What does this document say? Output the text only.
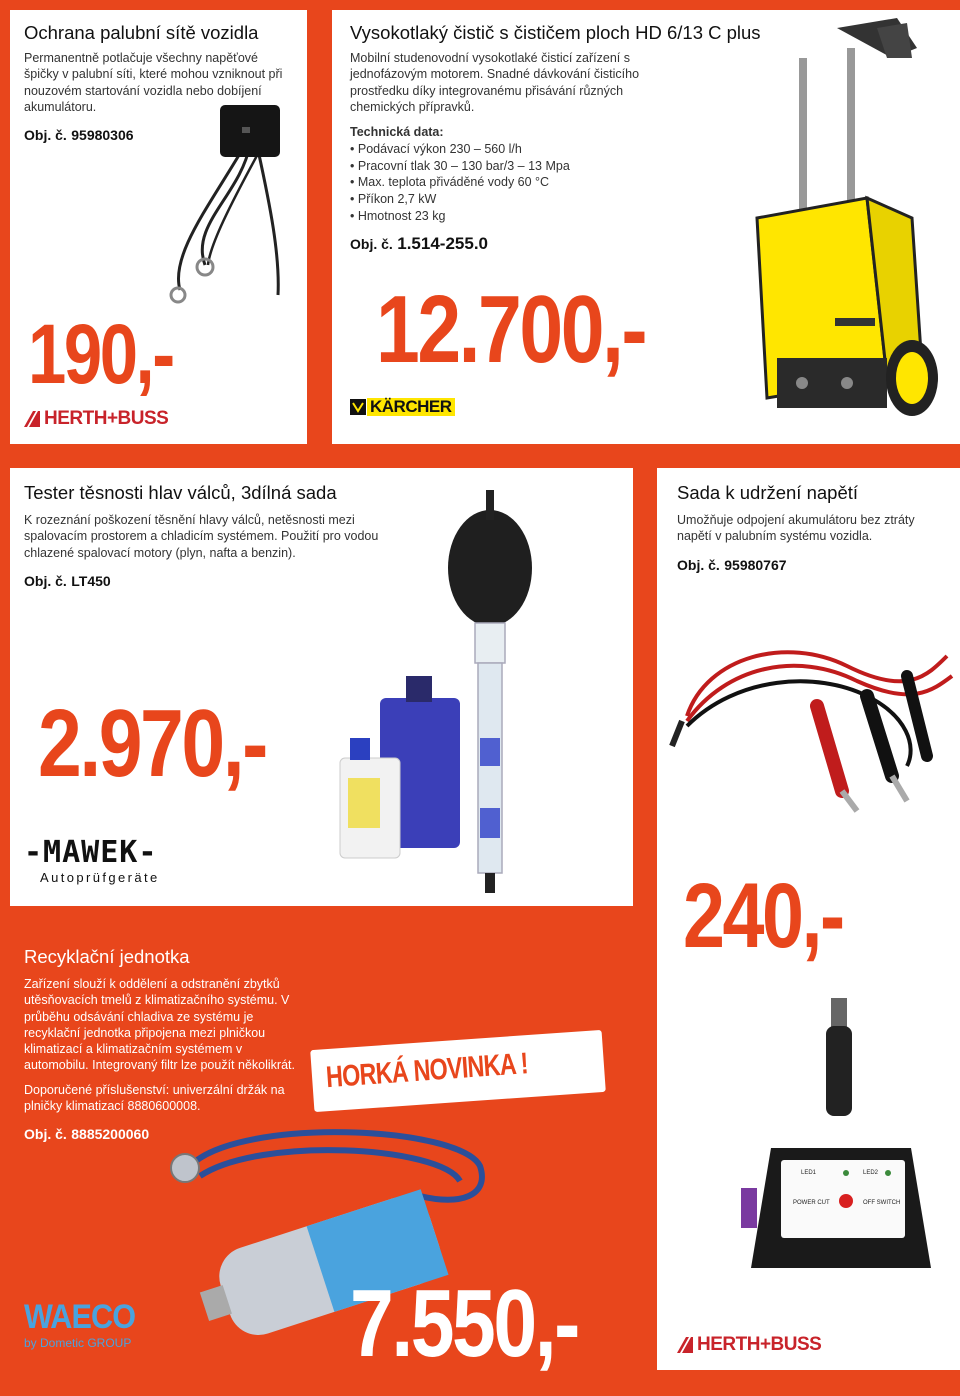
Ochrana palubní sítě vozidla

Permanentně potlačuje všechny napěťové špičky v palubní síti, které mohou vzniknout při nouzovém startování vozidla nebo dobíjení akumulátoru.

Obj. č. 95980306
190,-
HERTH+BUSS
Vysokotlaký čistič s čističem ploch HD 6/13 C plus

Mobilní studenovodní vysokotlaké čisticí zařízení s jednofázovým motorem. Snadné dávkování čisticího prostředku díky integrovanému přisávání různých chemických přípravků.

Technická data:
• Podávací výkon 230 – 560 l/h
• Pracovní tlak 30 – 130 bar/3 – 13 Mpa
• Max. teplota přiváděné vody 60 °C
• Příkon 2,7 kW
• Hmotnost 23 kg
Obj. č. 1.514-255.0
12.700,-
KÄRCHER
Tester těsnosti hlav válců, 3dílná sada

K rozeznání poškození těsnění hlavy válců, netěsnosti mezi spalovacím prostorem a chladicím systémem. Použití pro vodou chlazené spalovací motory (plyn, nafta a benzin).

Obj. č. LT450
2.970,-
-MAWEK-
Autoprüfgeräte
Sada k udržení napětí

Umožňuje odpojení akumulátoru bez ztráty napětí v palubním systému vozidla.

Obj. č. 95980767
240,-
LED1	LED2
POWER CUT	OFF SWITCH
HERTH+BUSS
Recyklační jednotka

Zařízení slouží k oddělení a odstranění zbytků utěsňovacích tmelů z klimatizačního systému. V průběhu odsávání chladiva ze systému je recyklační jednotka připojena mezi plničkou klimatizací a klimatizačním systémem v automobilu. Integrovaný filtr lze použít několikrát.

Doporučené příslušenství: univerzální držák na plničky klimatizací 8880600008.

Obj. č. 8885200060
HORKÁ NOVINKA !
7.550,-
WAECO
by Dometic GROUP
